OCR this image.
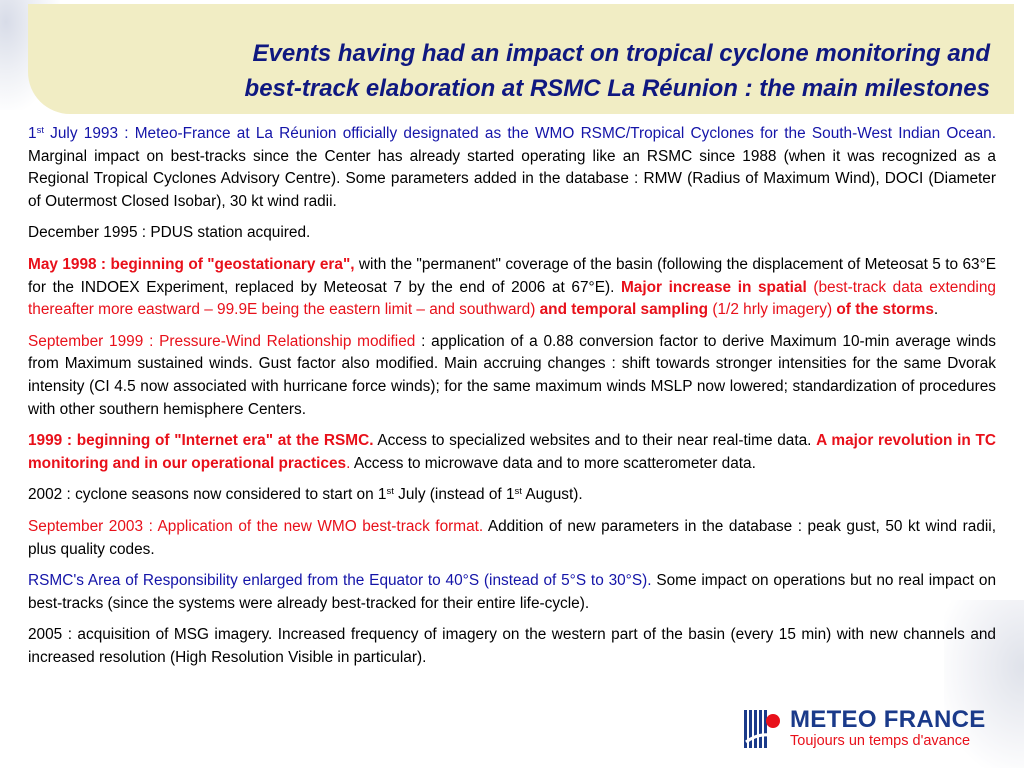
Events having had an impact on tropical cyclone monitoring and
best-track elaboration at RSMC La Réunion : the main milestones

1st July 1993 : Meteo-France at La Réunion officially designated as the WMO RSMC/Tropical Cyclones for the South-West Indian Ocean. Marginal impact on best-tracks since the Center has already started operating like an RSMC since 1988 (when it was recognized as a Regional Tropical Cyclones Advisory Centre). Some parameters added in the database : RMW (Radius of Maximum Wind), DOCI (Diameter of Outermost Closed Isobar), 30 kt wind radii.

December 1995 : PDUS station acquired.

May 1998 : beginning of "geostationary era", with the "permanent" coverage of the basin (following the displacement of Meteosat 5 to 63°E for the INDOEX Experiment, replaced by Meteosat 7 by the end of 2006 at 67°E). Major increase in spatial (best-track data extending thereafter more eastward – 99.9E being the eastern limit – and southward) and temporal sampling (1/2 hrly imagery) of the storms.

September 1999 : Pressure-Wind Relationship modified : application of a 0.88 conversion factor to derive Maximum 10-min average winds from Maximum sustained winds. Gust factor also modified. Main accruing changes : shift towards stronger intensities for the same Dvorak intensity (CI 4.5 now associated with hurricane force winds); for the same maximum winds MSLP now lowered; standardization of procedures with other southern hemisphere Centers.

1999 : beginning of "Internet era" at the RSMC. Access to specialized websites and to their near real-time data. A major revolution in TC monitoring and in our operational practices. Access to microwave data and to more scatterometer data.

2002 : cyclone seasons now considered to start on 1st July (instead of 1st August).

September 2003 : Application of the new WMO best-track format. Addition of new parameters in the database : peak gust, 50 kt wind radii, plus quality codes.

RSMC's Area of Responsibility enlarged from the Equator to 40°S (instead of 5°S to 30°S). Some impact on operations but no real impact on best-tracks (since the systems were already best-tracked for their entire life-cycle).

2005 : acquisition of MSG imagery. Increased frequency of imagery on the western part of the basin (every 15 min) with new channels and increased resolution (High Resolution Visible in particular).

METEO FRANCE
Toujours un temps d'avance
